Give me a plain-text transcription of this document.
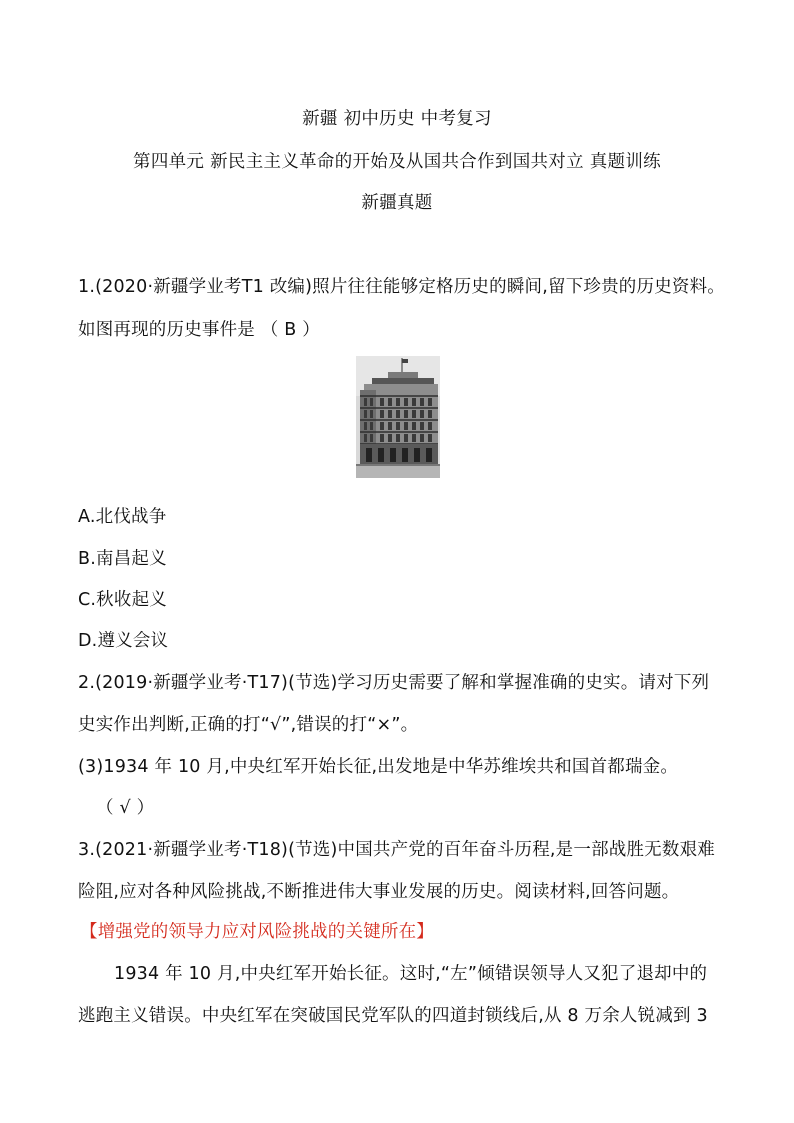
新疆 初中历史 中考复习
第四单元 新民主主义革命的开始及从国共合作到国共对立 真题训练
新疆真题
1.(2020·新疆学业考T1 改编)照片往往能够定格历史的瞬间,留下珍贵的历史资料。
如图再现的历史事件是 （ B ）
A.北伐战争
B.南昌起义
C.秋收起义
D.遵义会议
2.(2019·新疆学业考·T17)(节选)学习历史需要了解和掌握准确的史实。请对下列
史实作出判断,正确的打“√”,错误的打“×”。
(3)1934 年 10 月,中央红军开始长征,出发地是中华苏维埃共和国首都瑞金。
（ √ ）
3.(2021·新疆学业考·T18)(节选)中国共产党的百年奋斗历程,是一部战胜无数艰难
险阻,应对各种风险挑战,不断推进伟大事业发展的历史。阅读材料,回答问题。
【增强党的领导力应对风险挑战的关键所在】
1934 年 10 月,中央红军开始长征。这时,“左”倾错误领导人又犯了退却中的
逃跑主义错误。中央红军在突破国民党军队的四道封锁线后,从 8 万余人锐减到 3
